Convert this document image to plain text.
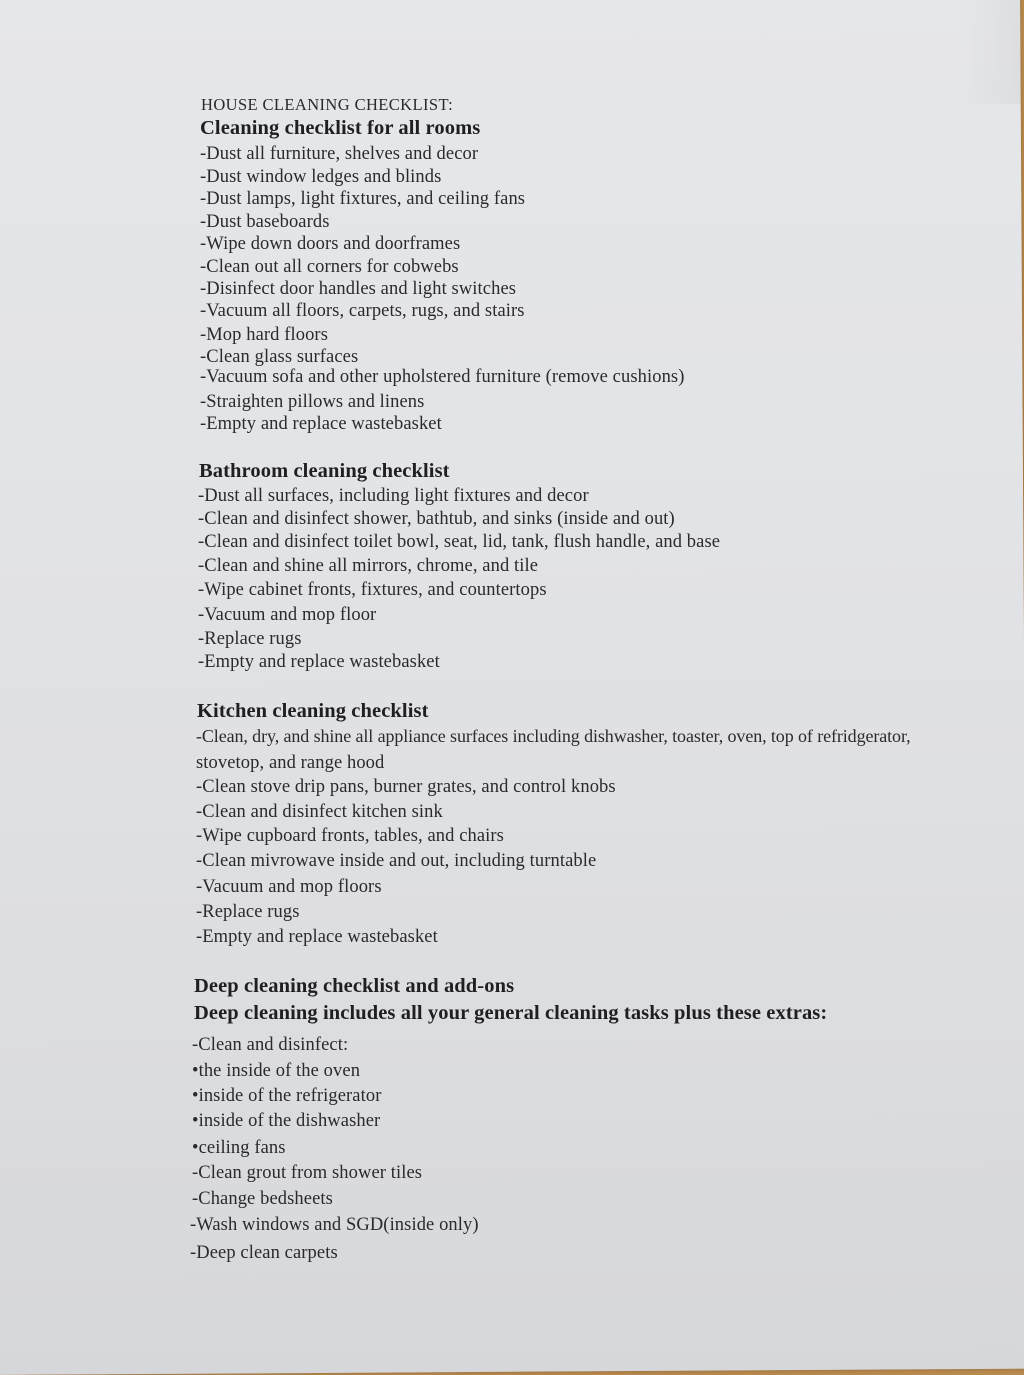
HOUSE CLEANING CHECKLIST:
Cleaning checklist for all rooms
-Dust all furniture, shelves and decor
-Dust window ledges and blinds
-Dust lamps, light fixtures, and ceiling fans
-Dust baseboards
-Wipe down doors and doorframes
-Clean out all corners for cobwebs
-Disinfect door handles and light switches
-Vacuum all floors, carpets, rugs, and stairs
-Mop hard floors
-Clean glass surfaces
-Vacuum sofa and other upholstered furniture (remove cushions)
-Straighten pillows and linens
-Empty and replace wastebasket
Bathroom cleaning checklist
-Dust all surfaces, including light fixtures and decor
-Clean and disinfect shower, bathtub, and sinks (inside and out)
-Clean and disinfect toilet bowl, seat, lid, tank, flush handle, and base
-Clean and shine all mirrors, chrome, and tile
-Wipe cabinet fronts, fixtures, and countertops
-Vacuum and mop floor
-Replace rugs
-Empty and replace wastebasket
Kitchen cleaning checklist
-Clean, dry, and shine all appliance surfaces including dishwasher, toaster, oven, top of refridgerator,
stovetop, and range hood
-Clean stove drip pans, burner grates, and control knobs
-Clean and disinfect kitchen sink
-Wipe cupboard fronts, tables, and chairs
-Clean mivrowave inside and out, including turntable
-Vacuum and mop floors
-Replace rugs
-Empty and replace wastebasket
Deep cleaning checklist and add-ons
Deep cleaning includes all your general cleaning tasks plus these extras:
-Clean and disinfect:
•the inside of the oven
•inside of the refrigerator
•inside of the dishwasher
•ceiling fans
-Clean grout from shower tiles
-Change bedsheets
-Wash windows and SGD(inside only)
-Deep clean carpets
